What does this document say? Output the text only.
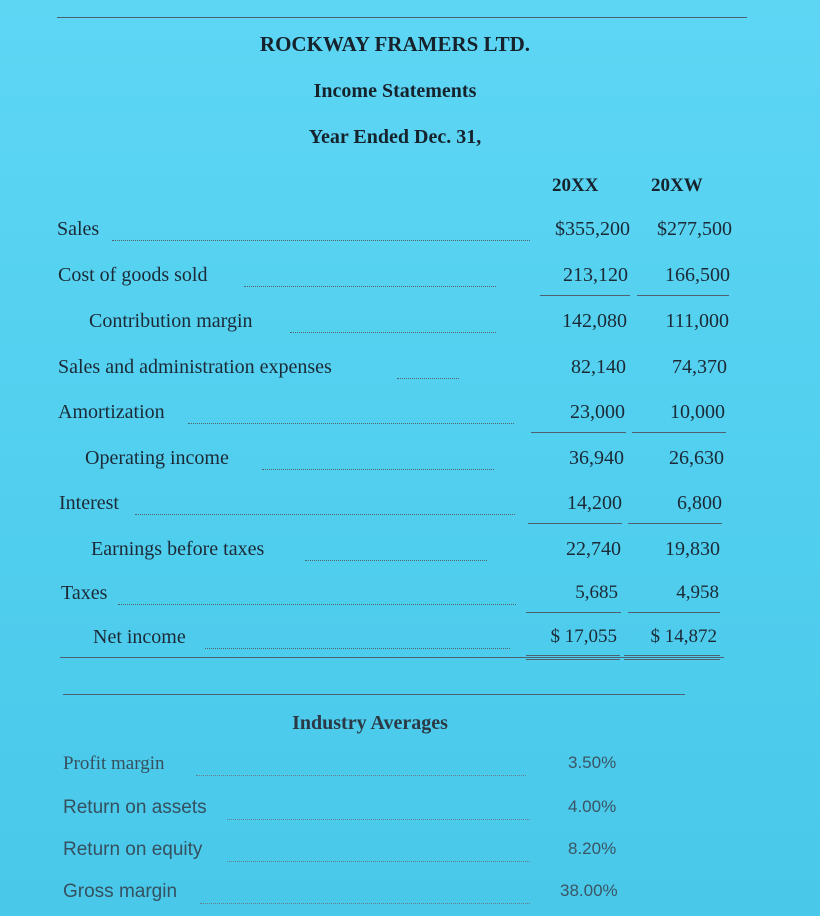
ROCKWAY FRAMERS LTD.
Income Statements
Year Ended Dec. 31,
20XX	20XW
Sales	$355,200 $277,500
Cost of goods sold	213,120 166,500
Contribution margin	142,080 111,000
Sales and administration expenses	82,140 74,370
Amortization	23,000 10,000
Operating income	36,940 26,630
Interest	14,200	6,800
Earnings before taxes	22,740 19,830
Taxes	5,685	4,958
Net income	$ 17,055 $ 14,872
Industry Averages
Profit margin	3.50%
Return on assets	4.00%
Return on equity	8.20%
Gross margin	38.00%
